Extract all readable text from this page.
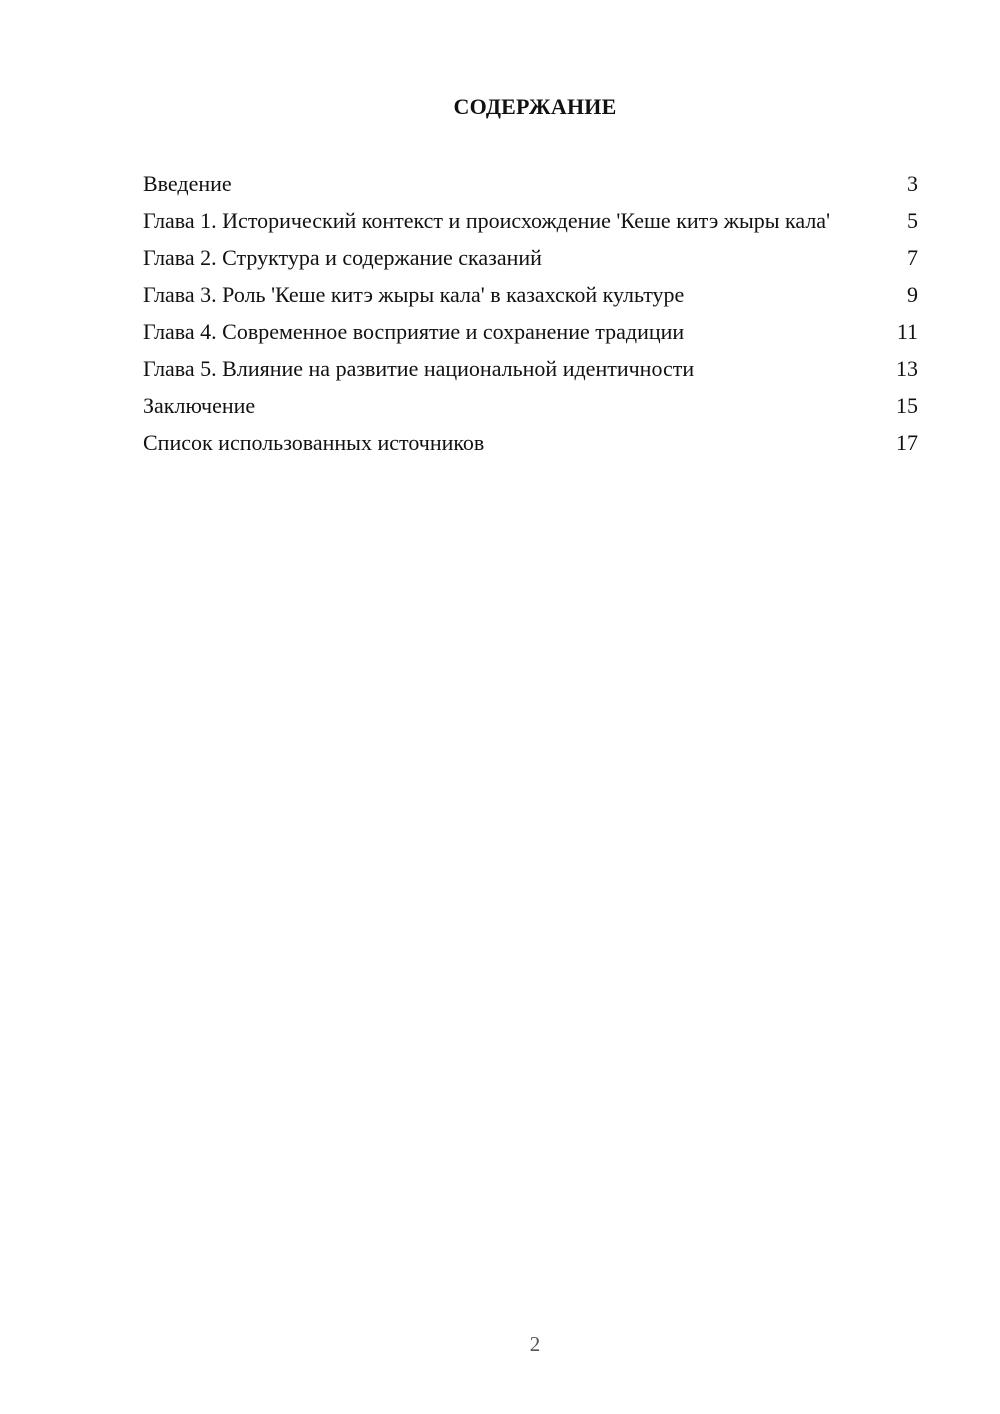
СОДЕРЖАНИЕ
Введение	3
Глава 1. Исторический контекст и происхождение 'Кеше китэ жыры кала'	5
Глава 2. Структура и содержание сказаний	7
Глава 3. Роль 'Кеше китэ жыры кала' в казахской культуре	9
Глава 4. Современное восприятие и сохранение традиции	11
Глава 5. Влияние на развитие национальной идентичности	13
Заключение	15
Список использованных источников	17
2
